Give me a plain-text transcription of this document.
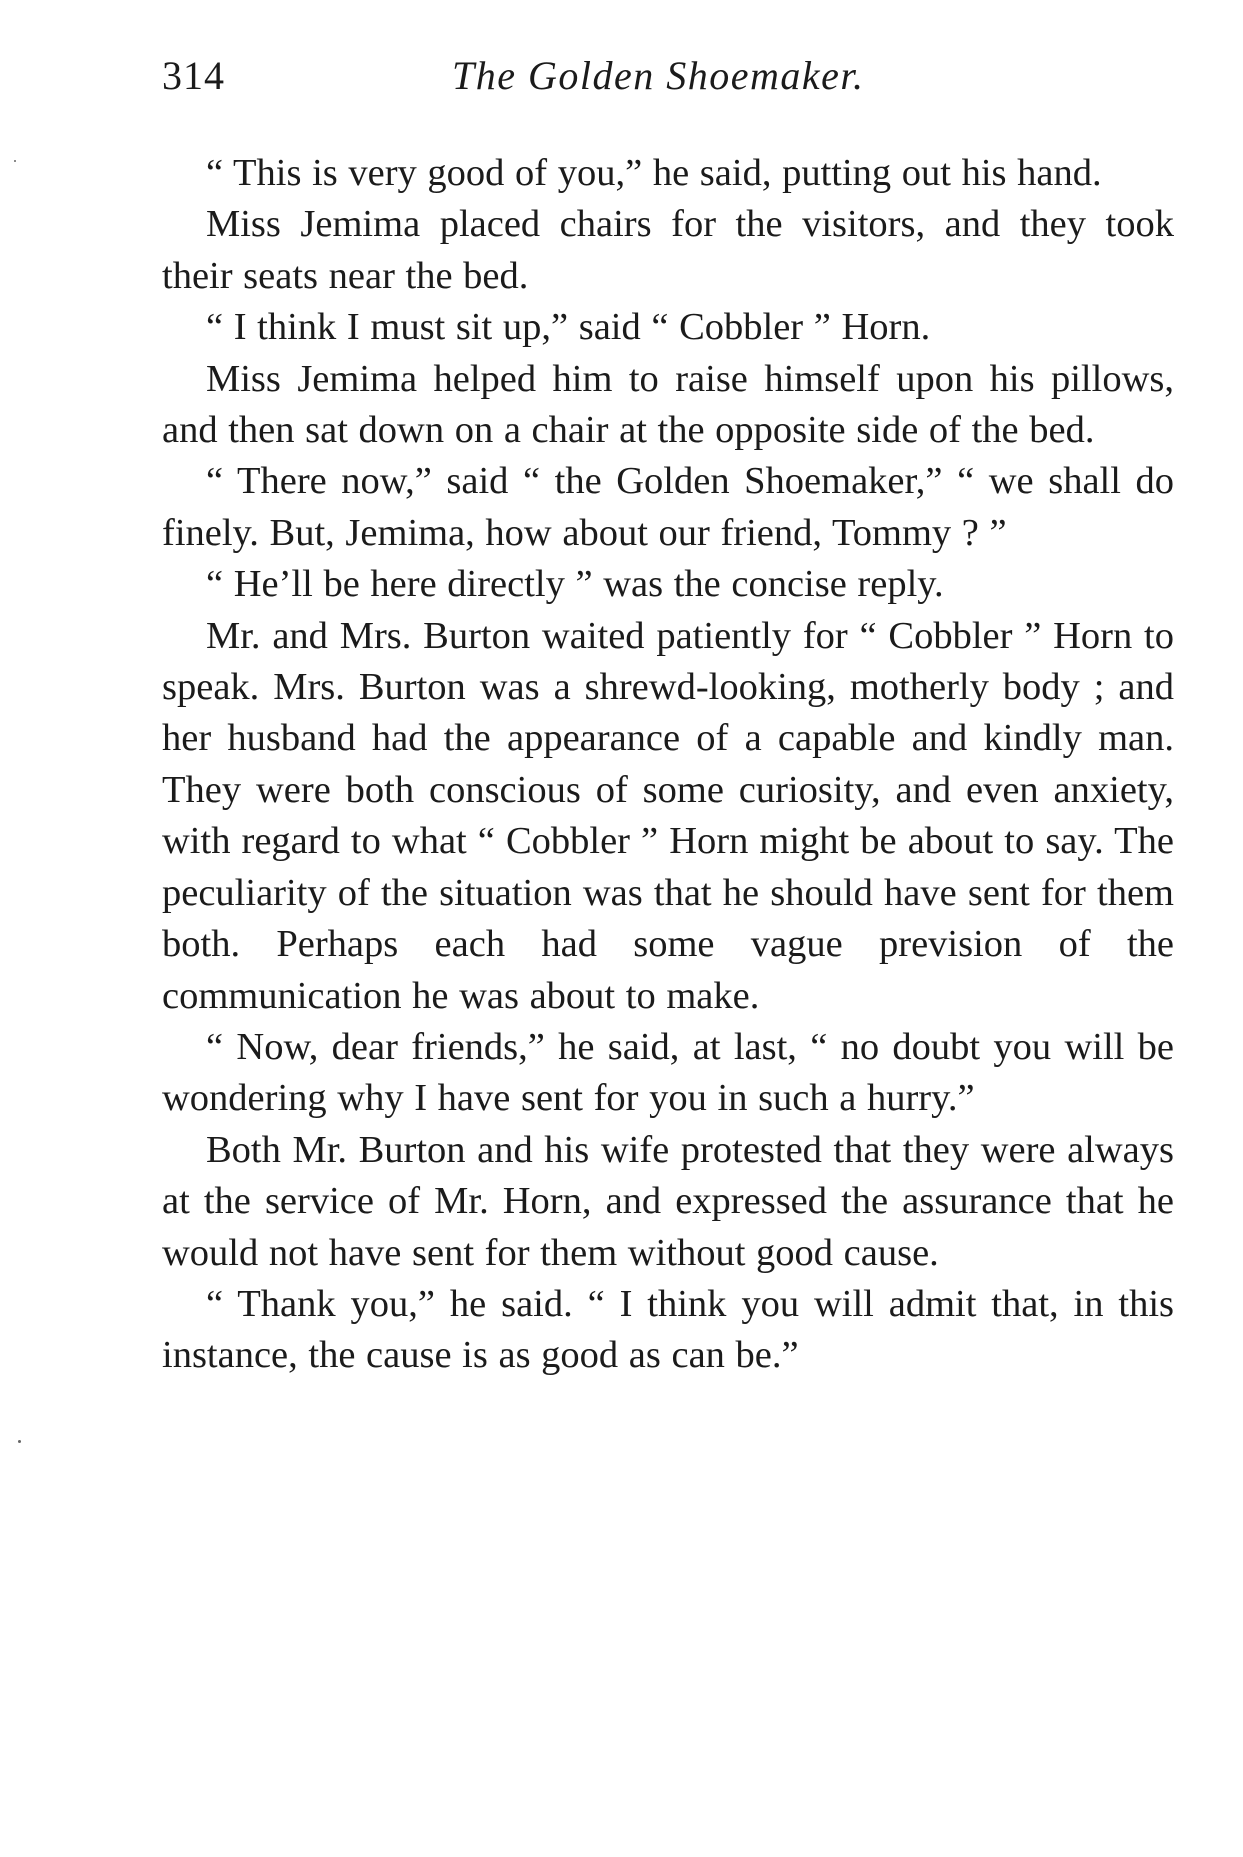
314	The Golden Shoemaker.

“ This is very good of you,” he said, putting out his hand.

Miss Jemima placed chairs for the visitors, and they took their seats near the bed.

“ I think I must sit up,” said “ Cobbler ” Horn.

Miss Jemima helped him to raise himself upon his pillows, and then sat down on a chair at the opposite side of the bed.

“ There now,” said “ the Golden Shoemaker,” “ we shall do finely. But, Jemima, how about our friend, Tommy ? ”

“ He’ll be here directly ” was the concise reply.

Mr. and Mrs. Burton waited patiently for “ Cobbler ” Horn to speak. Mrs. Burton was a shrewd-looking, motherly body ; and her husband had the appearance of a capable and kindly man. They were both conscious of some curiosity, and even anxiety, with regard to what “ Cobbler ” Horn might be about to say. The peculiarity of the situation was that he should have sent for them both. Perhaps each had some vague prevision of the communication he was about to make.

“ Now, dear friends,” he said, at last, “ no doubt you will be wondering why I have sent for you in such a hurry.”

Both Mr. Burton and his wife protested that they were always at the service of Mr. Horn, and expressed the assurance that he would not have sent for them without good cause.

“ Thank you,” he said. “ I think you will admit that, in this instance, the cause is as good as can be.”
